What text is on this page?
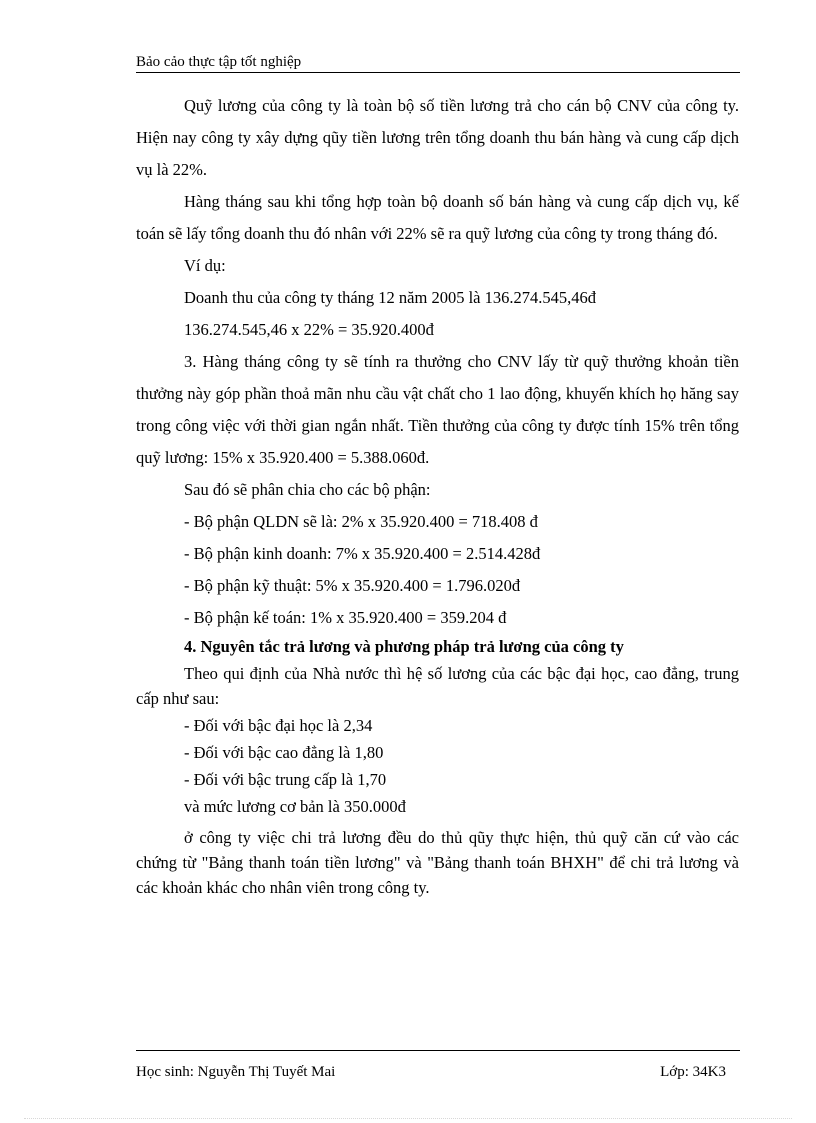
Bảo cảo thực tập tốt nghiệp

Quỹ lương của công ty là toàn bộ số tiền lương trả cho cán bộ CNV của công ty. Hiện nay công ty xây dựng qũy tiền lương trên tổng doanh thu bán hàng và cung cấp dịch vụ là 22%.

Hàng tháng sau khi tổng hợp toàn bộ doanh số bán hàng và cung cấp dịch vụ, kế toán sẽ lấy tổng doanh thu đó nhân với 22% sẽ ra quỹ lương của công ty trong tháng đó.

Ví dụ:

Doanh thu của công ty tháng 12 năm 2005 là 136.274.545,46đ

136.274.545,46 x 22% = 35.920.400đ

3. Hàng tháng công ty sẽ tính ra thưởng cho CNV lấy từ quỹ thưởng khoản tiền thưởng này góp phần thoả mãn nhu cầu vật chất cho 1 lao động, khuyến khích họ hăng say trong công việc với thời gian ngắn nhất. Tiền thưởng của công ty được tính 15% trên tổng quỹ lương: 15% x 35.920.400 = 5.388.060đ.

Sau đó sẽ phân chia cho các bộ phận:

- Bộ phận QLDN sẽ là: 2% x 35.920.400 = 718.408 đ

- Bộ phận kinh doanh: 7% x 35.920.400 = 2.514.428đ

- Bộ phận kỹ thuật: 5% x 35.920.400 = 1.796.020đ

- Bộ phận kế toán: 1% x 35.920.400 = 359.204 đ

4. Nguyên tắc trả lương và phương pháp trả lương của công ty

Theo qui định của Nhà nước thì hệ số lương của các bậc đại học, cao đẳng, trung cấp như sau:

- Đối với bậc đại học là 2,34

- Đối với bậc cao đẳng là 1,80

- Đối với bậc trung cấp là 1,70

và mức lương cơ bản là 350.000đ

ở công ty việc chi trả lương đều do thủ qũy thực hiện, thủ quỹ căn cứ vào các chứng từ "Bảng thanh toán tiền lương" và "Bảng thanh toán BHXH" để chi trả lương và các khoản khác cho nhân viên trong công ty.

Học sinh: Nguyễn Thị Tuyết Mai	Lớp: 34K3
